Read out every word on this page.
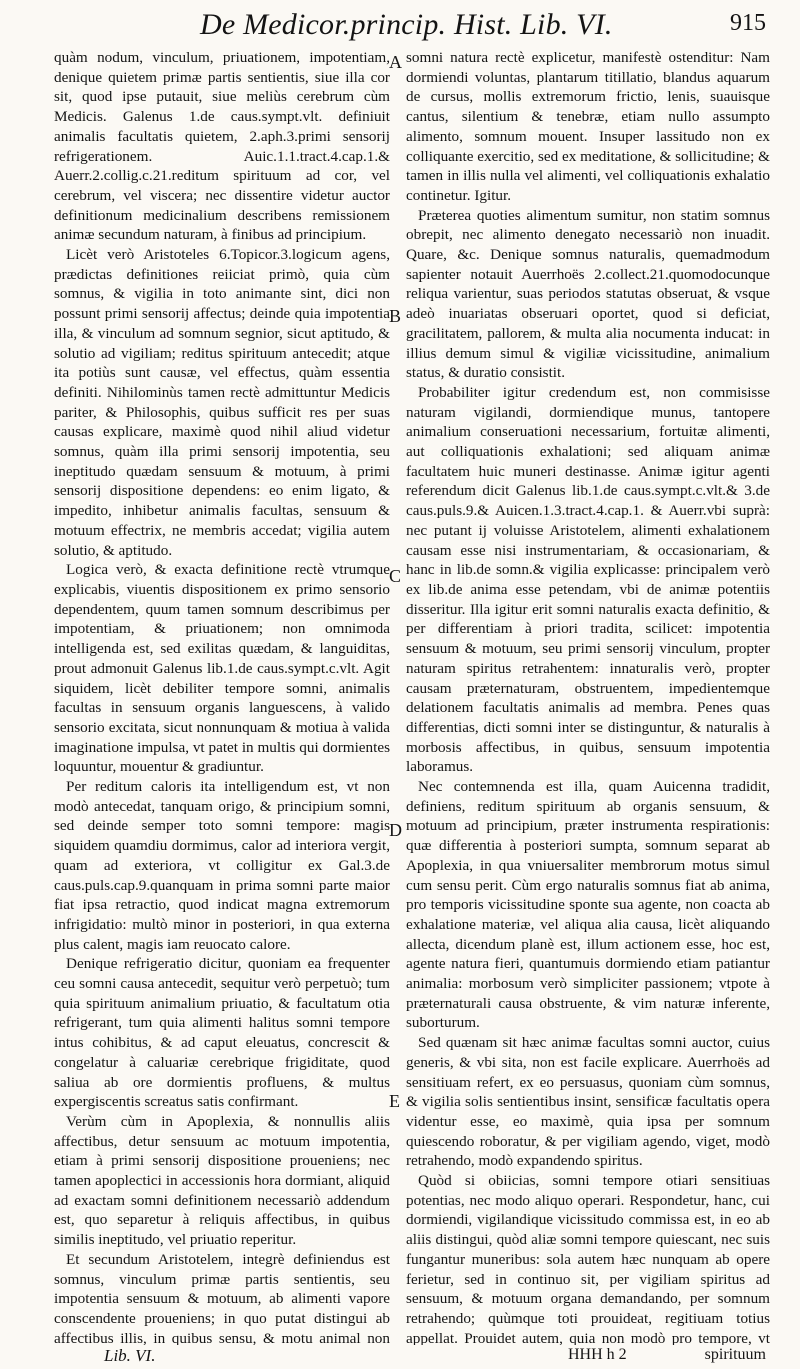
De Medicor.princip. Hist. Lib. VI.	915

quàm nodum, vinculum, priuationem, impotentiam, denique quietem primæ partis sentientis, siue illa cor sit, quod ipse putauit, siue meliùs cerebrum cùm Medicis. Galenus 1.de caus.sympt.vlt. definiuit animalis facultatis quietem, 2.aph.3.primi sensorij refrigerationem. Auic.1.1.tract.4.cap.1.& Auerr.2.collig.c.21.reditum spirituum ad cor, vel cerebrum, vel viscera; nec dissentire videtur auctor definitionum medicinalium describens remissionem animæ secundum naturam, à finibus ad principium.

Licèt verò Aristoteles 6.Topicor.3.logicum agens, prædictas definitiones reiiciat primò, quia cùm somnus, & vigilia in toto animante sint, dici non possunt primi sensorij affectus; deinde quia impotentia illa, & vinculum ad somnum segnior, sicut aptitudo, & solutio ad vigiliam; reditus spirituum antecedit; atque ita potiùs sunt causæ, vel effectus, quàm essentia definiti. Nihilominùs tamen rectè admittuntur Medicis pariter, & Philosophis, quibus sufficit res per suas causas explicare, maximè quod nihil aliud videtur somnus, quàm illa primi sensorij impotentia, seu ineptitudo quædam sensuum & motuum, à primi sensorij dispositione dependens: eo enim ligato, & impedito, inhibetur animalis facultas, sensuum & motuum effectrix, ne membris accedat; vigilia autem solutio, & aptitudo.

Logica verò, & exacta definitione rectè vtrumque explicabis, viuentis dispositionem ex primo sensorio dependentem, quum tamen somnum describimus per impotentiam, & priuationem; non omnimoda intelligenda est, sed exilitas quædam, & languiditas, prout admonuit Galenus lib.1.de caus.sympt.c.vlt. Agit siquidem, licèt debiliter tempore somni, animalis facultas in sensuum organis languescens, à valido sensorio excitata, sicut nonnunquam & motiua à valida imaginatione impulsa, vt patet in multis qui dormientes loquuntur, mouentur & gradiuntur.

Per reditum caloris ita intelligendum est, vt non modò antecedat, tanquam origo, & principium somni, sed deinde semper toto somni tempore: magis siquidem quamdiu dormimus, calor ad interiora vergit, quam ad exteriora, vt colligitur ex Gal.3.de caus.puls.cap.9.quanquam in prima somni parte maior fiat ipsa retractio, quod indicat magna extremorum infrigidatio: multò minor in posteriori, in qua externa plus calent, magis iam reuocato calore.

Denique refrigeratio dicitur, quoniam ea frequenter ceu somni causa antecedit, sequitur verò perpetuò; tum quia spirituum animalium priuatio, & facultatum otia refrigerant, tum quia alimenti halitus somni tempore intus cohibitus, & ad caput eleuatus, concrescit & congelatur à caluariæ cerebrique frigiditate, quod saliua ab ore dormientis profluens, & multus expergiscentis screatus satis confirmant.

Verùm cùm in Apoplexia, & nonnullis aliis affectibus, detur sensuum ac motuum impotentia, etiam à primi sensorij dispositione proueniens; nec tamen apoplectici in accessionis hora dormiant, aliquid ad exactam somni definitionem necessariò addendum est, quo separetur à reliquis affectibus, in quibus similis ineptitudo, vel priuatio reperitur.

Et secundum Aristotelem, integrè definiendus est somnus, vinculum primæ partis sentientis, seu impotentia sensuum & motuum, ab alimenti vapore conscendente proueniens; in quo putat distingui ab affectibus illis, in quibus sensu, & motu animal non

A
B
C
D
E

somni natura rectè explicetur, manifestè ostenditur: Nam dormiendi voluntas, plantarum titillatio, blandus aquarum de cursus, mollis extremorum frictio, lenis, suauisque cantus, silentium & tenebræ, etiam nullo assumpto alimento, somnum mouent. Insuper lassitudo non ex colliquante exercitio, sed ex meditatione, & sollicitudine; & tamen in illis nulla vel alimenti, vel colliquationis exhalatio continetur. Igitur.

Præterea quoties alimentum sumitur, non statim somnus obrepit, nec alimento denegato necessariò non inuadit. Quare, &c. Denique somnus naturalis, quemadmodum sapienter notauit Auerrhoës 2.collect.21.quomodocunque reliqua varientur, suas periodos statutas obseruat, & vsque adeò inuariatas obseruari oportet, quod si deficiat, gracilitatem, pallorem, & multa alia nocumenta inducat: in illius demum simul & vigiliæ vicissitudine, animalium status, & duratio consistit.

Probabiliter igitur credendum est, non commisisse naturam vigilandi, dormiendique munus, tantopere animalium conseruationi necessarium, fortuitæ alimenti, aut colliquationis exhalationi; sed aliquam animæ facultatem huic muneri destinasse. Animæ igitur agenti referendum dicit Galenus lib.1.de caus.sympt.c.vlt.& 3.de caus.puls.9.& Auicen.1.3.tract.4.cap.1. & Auerr.vbi suprà: nec putant ij voluisse Aristotelem, alimenti exhalationem causam esse nisi instrumentariam, & occasionariam, & hanc in lib.de somn.& vigilia explicasse: principalem verò ex lib.de anima esse petendam, vbi de animæ potentiis disseritur. Illa igitur erit somni naturalis exacta definitio, & per differentiam à priori tradita, scilicet: impotentia sensuum & motuum, seu primi sensorij vinculum, propter naturam spiritus retrahentem: innaturalis verò, propter causam præternaturam, obstruentem, impedientemque delationem facultatis animalis ad membra. Penes quas differentias, dicti somni inter se distinguntur, & naturalis à morbosis affectibus, in quibus, sensuum impotentia laboramus.

Nec contemnenda est illa, quam Auicenna tradidit, definiens, reditum spirituum ab organis sensuum, & motuum ad principium, præter instrumenta respirationis: quæ differentia à posteriori sumpta, somnum separat ab Apoplexia, in qua vniuersaliter membrorum motus simul cum sensu perit. Cùm ergo naturalis somnus fiat ab anima, pro temporis vicissitudine sponte sua agente, non coacta ab exhalatione materiæ, vel aliqua alia causa, licèt aliquando allecta, dicendum planè est, illum actionem esse, hoc est, agente natura fieri, quantumuis dormiendo etiam patiantur animalia: morbosum verò simpliciter passionem; vtpote à præternaturali causa obstruente, & vim naturæ inferente, suborturum.

Sed quænam sit hæc animæ facultas somni auctor, cuius generis, & vbi sita, non est facile explicare. Auerrhoës ad sensitiuam refert, ex eo persuasus, quoniam cùm somnus, & vigilia solis sentientibus insint, sensificæ facultatis opera videntur esse, eo maximè, quia ipsa per somnum quiescendo roboratur, & per vigiliam agendo, viget, modò retrahendo, modò expandendo spiritus.

Quòd si obiicias, somni tempore otiari sensitiuas potentias, nec modo aliquo operari. Respondetur, hanc, cui dormiendi, vigilandique vicissitudo commissa est, in eo ab aliis distingui, quòd aliæ somni tempore quiescant, nec suis fungantur muneribus: sola autem hæc nunquam ab opere ferietur, sed in continuo sit, per vigiliam spiritus ad sensuum, & motuum organa demandando, per somnum retrahendo; quùmque toti prouideat, regitiuam totius appellat. Prouidet autem, quia non modò pro tempore, vt

Lib. VI.	HHH h 2	spirituum
